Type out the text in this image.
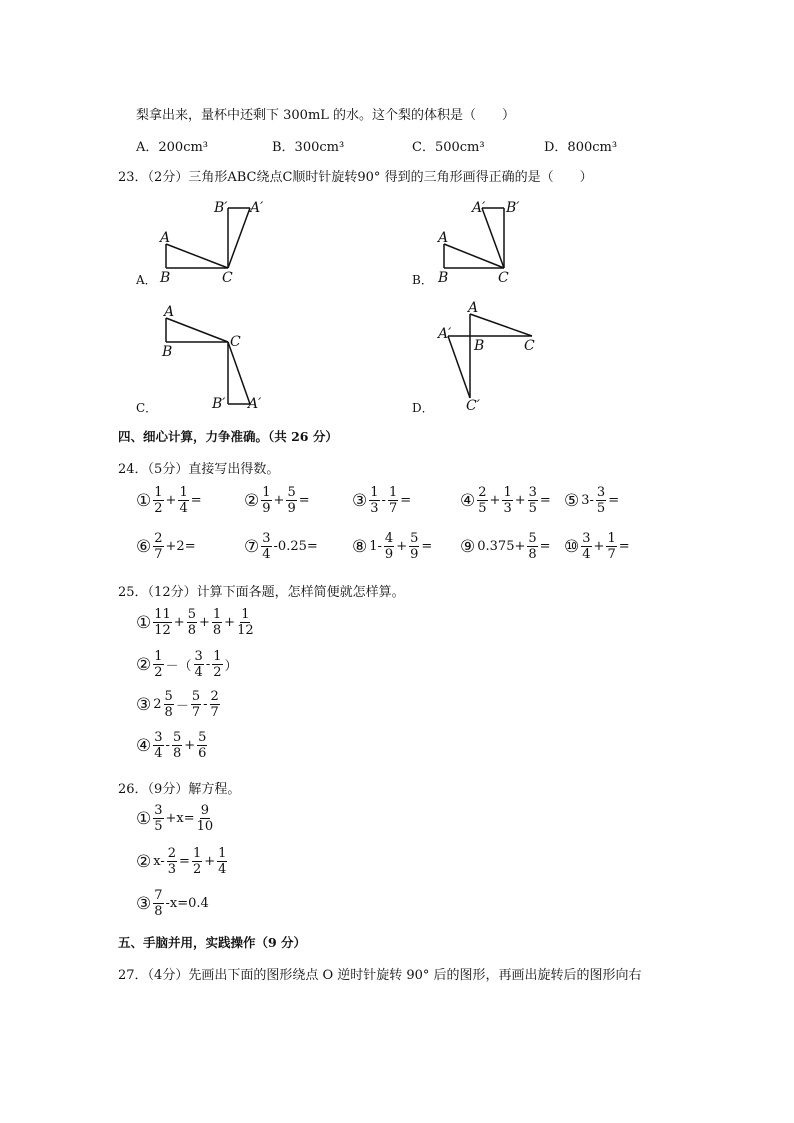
梨拿出来，量杯中还剩下 300mL 的水。这个梨的体积是（　　）
A．200cm³	B．300cm³	C．500cm³	D．800cm³
23．（2分）三角形ABC绕点C顺时针旋转90° 得到的三角形画得正确的是（　　）
A
B	C
B′ A′
A．
A
B	C
A′ B′
B．
A
B
C
B′ A′
C．
A
A′
B	C
C′
D．
四、细心计算，力争准确。（共 26 分）
24．（5分）直接写出得数。
① $\frac{1}{2} + \frac{1}{4}$ = ② $\frac{1}{9} + \frac{5}{9}$ = ③ $\frac{1}{3} - \frac{1}{7}$ =	④ $\frac{2}{5} + \frac{1}{3} + \frac{3}{5}$ = ⑤ $3- \frac{3}{5}$ =
⑥ $\frac{2}{7} +2=$	⑦ $\frac{3}{4} -0.25=$ ⑧ $1- \frac{4}{9} + \frac{5}{9}$ = ⑨ $0.375+ \frac{5}{8}$ = ⑩ $\frac{3}{4} + \frac{1}{7}$ =
25．（12分）计算下面各题，怎样简便就怎样算。
① $\frac{11}{12} + \frac{5}{8} + \frac{1}{8} + \frac{1}{12}$
② $\frac{1}{2}$ －（ $\frac{3}{4} - \frac{1}{2}$ ）
③ $2 \frac{5}{8} - \frac{5}{7} - \frac{2}{7}$
④ $\frac{3}{4} - \frac{5}{8} + \frac{5}{6}$
26．（9分）解方程。
① $\frac{3}{5} +x= \frac{9}{10}$
② $x- \frac{2}{3} = \frac{1}{2} + \frac{1}{4}$
③ $\frac{7}{8} -x=0.4$
五、手脑并用，实践操作（9 分）
27．（4分）先画出下面的图形绕点 O 逆时针旋转 90° 后的图形，再画出旋转后的图形向右
